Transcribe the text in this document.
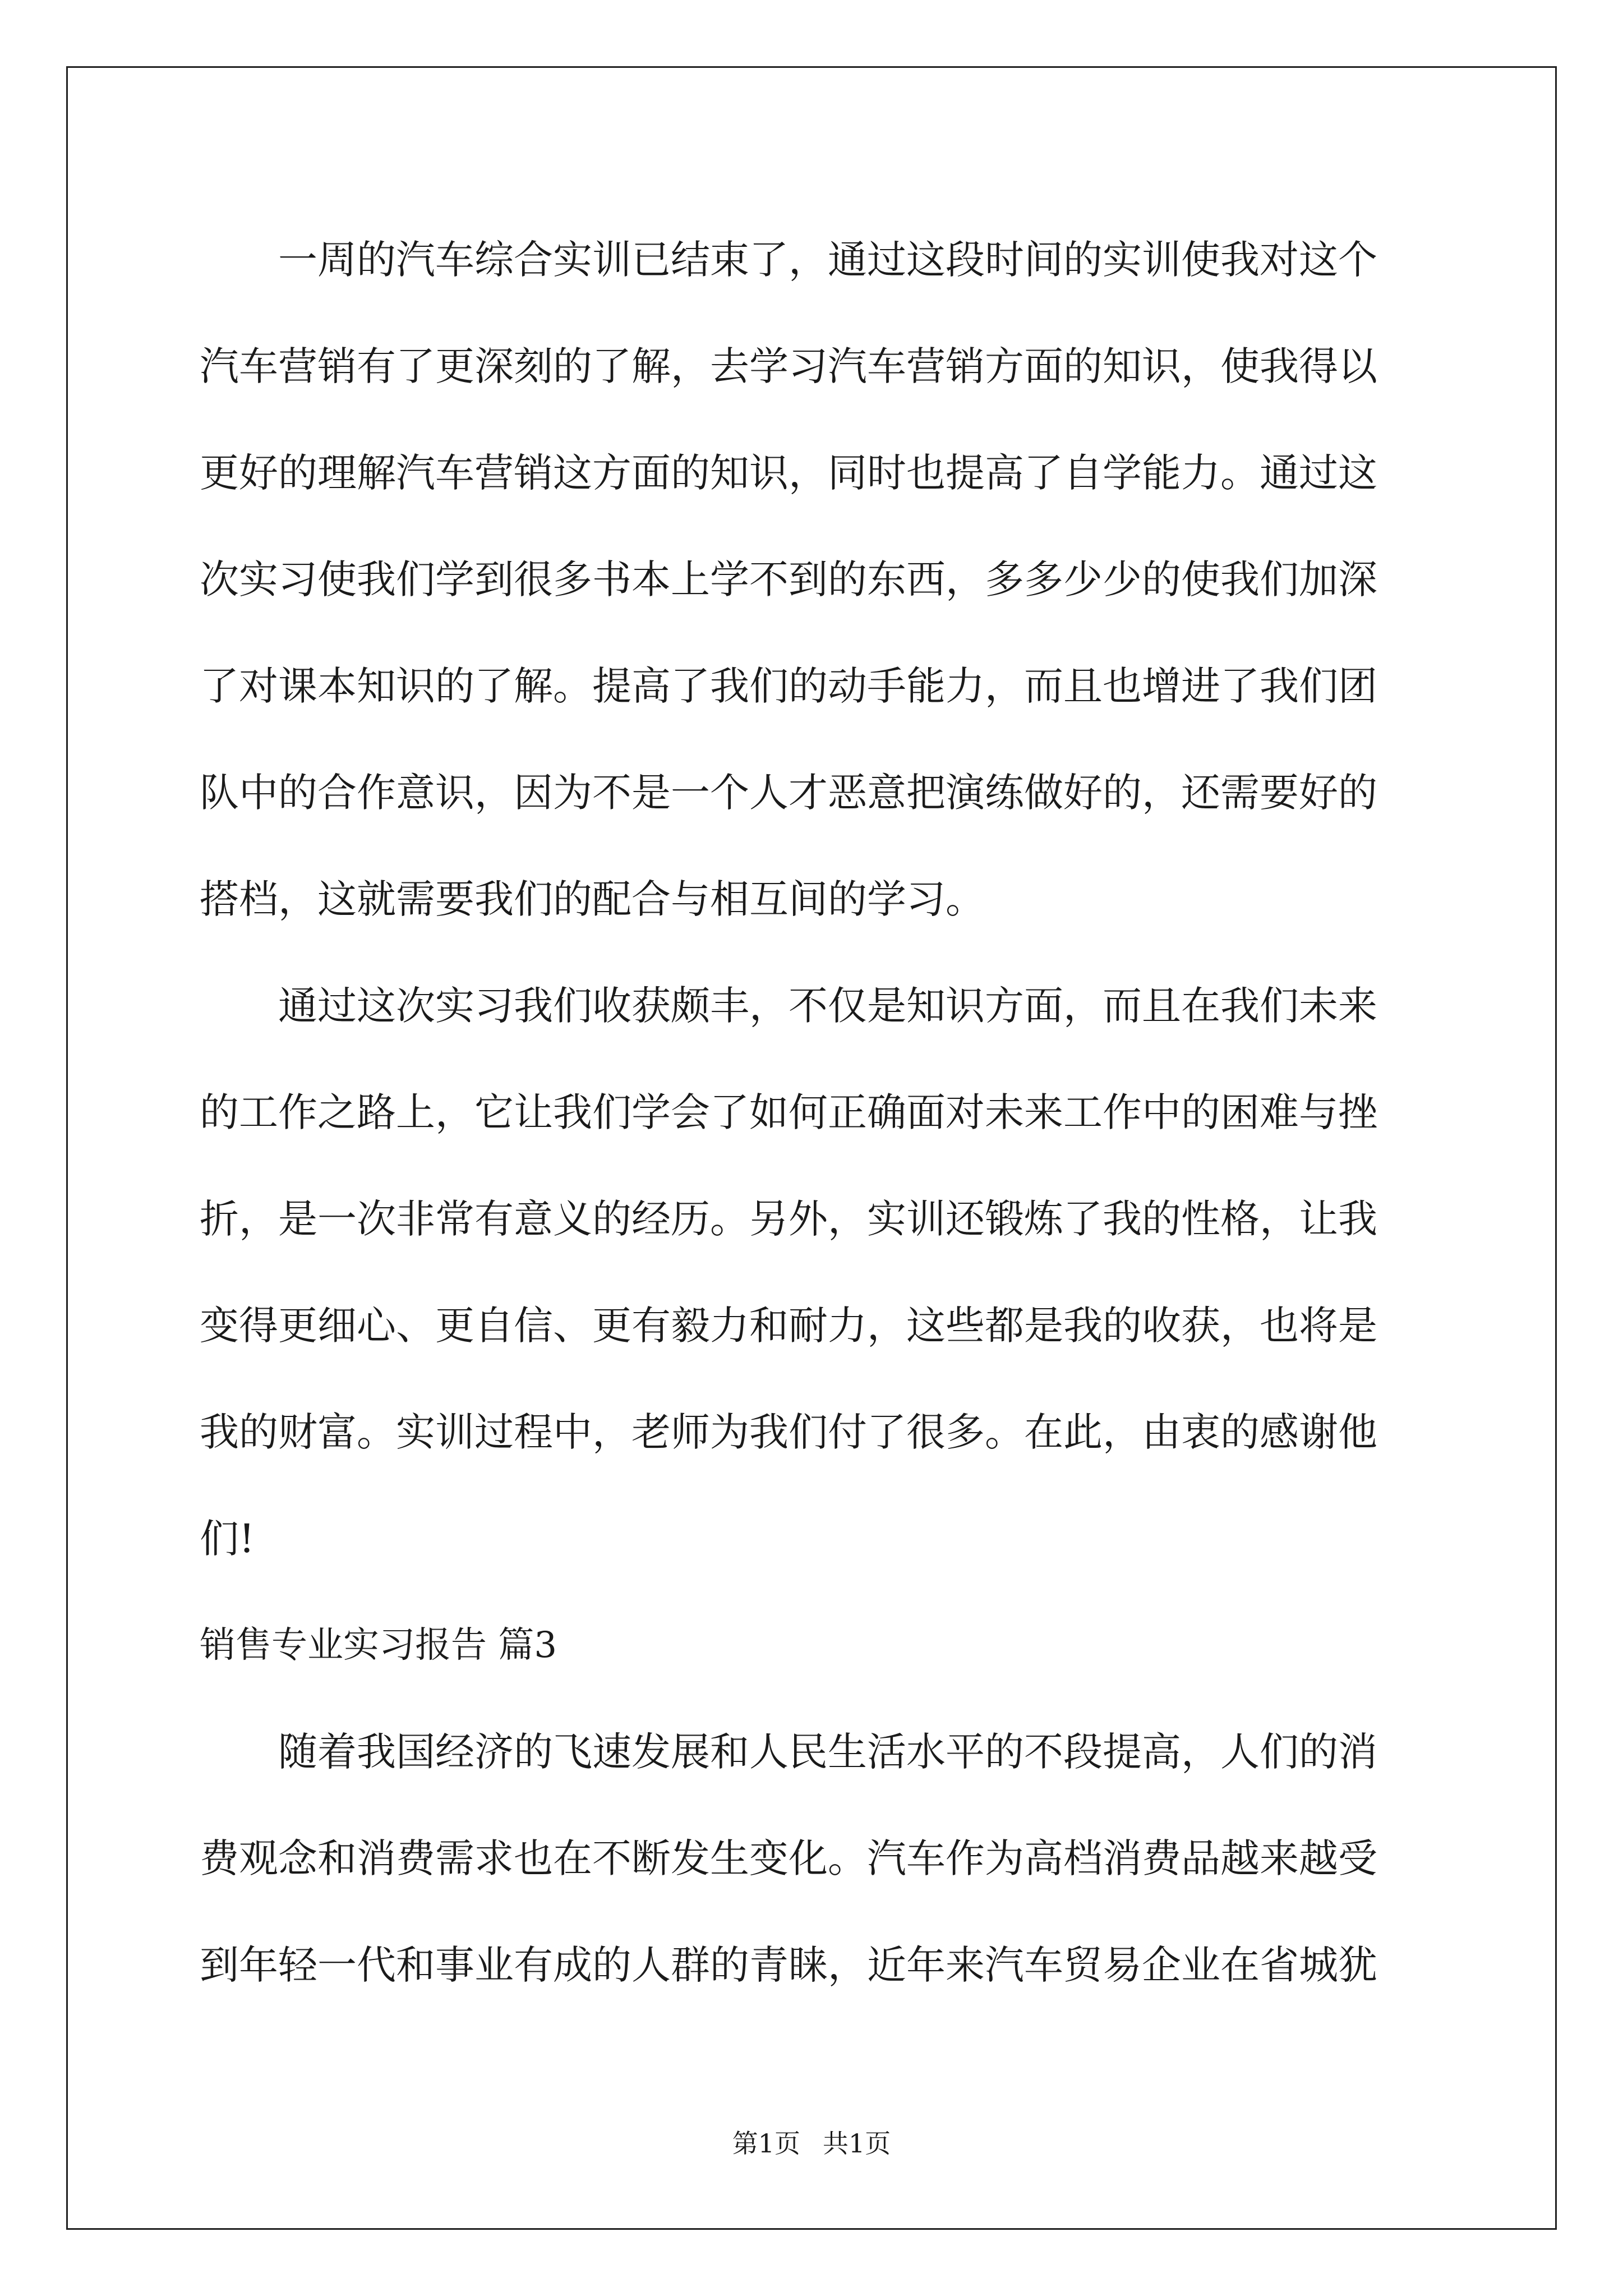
一周的汽车综合实训已结束了，通过这段时间的实训使我对这个

汽车营销有了更深刻的了解，去学习汽车营销方面的知识，使我得以

更好的理解汽车营销这方面的知识，同时也提高了自学能力。通过这

次实习使我们学到很多书本上学不到的东西，多多少少的使我们加深

了对课本知识的了解。提高了我们的动手能力，而且也增进了我们团

队中的合作意识，因为不是一个人才恶意把演练做好的，还需要好的

搭档，这就需要我们的配合与相互间的学习。

通过这次实习我们收获颇丰，不仅是知识方面，而且在我们未来

的工作之路上，它让我们学会了如何正确面对未来工作中的困难与挫

折，是一次非常有意义的经历。另外，实训还锻炼了我的性格，让我

变得更细心、更自信、更有毅力和耐力，这些都是我的收获，也将是

我的财富。实训过程中，老师为我们付了很多。在此，由衷的感谢他

们!

销售专业实习报告 篇3

随着我国经济的飞速发展和人民生活水平的不段提高，人们的消

费观念和消费需求也在不断发生变化。汽车作为高档消费品越来越受

到年轻一代和事业有成的人群的青睐，近年来汽车贸易企业在省城犹

第1页 共1页
